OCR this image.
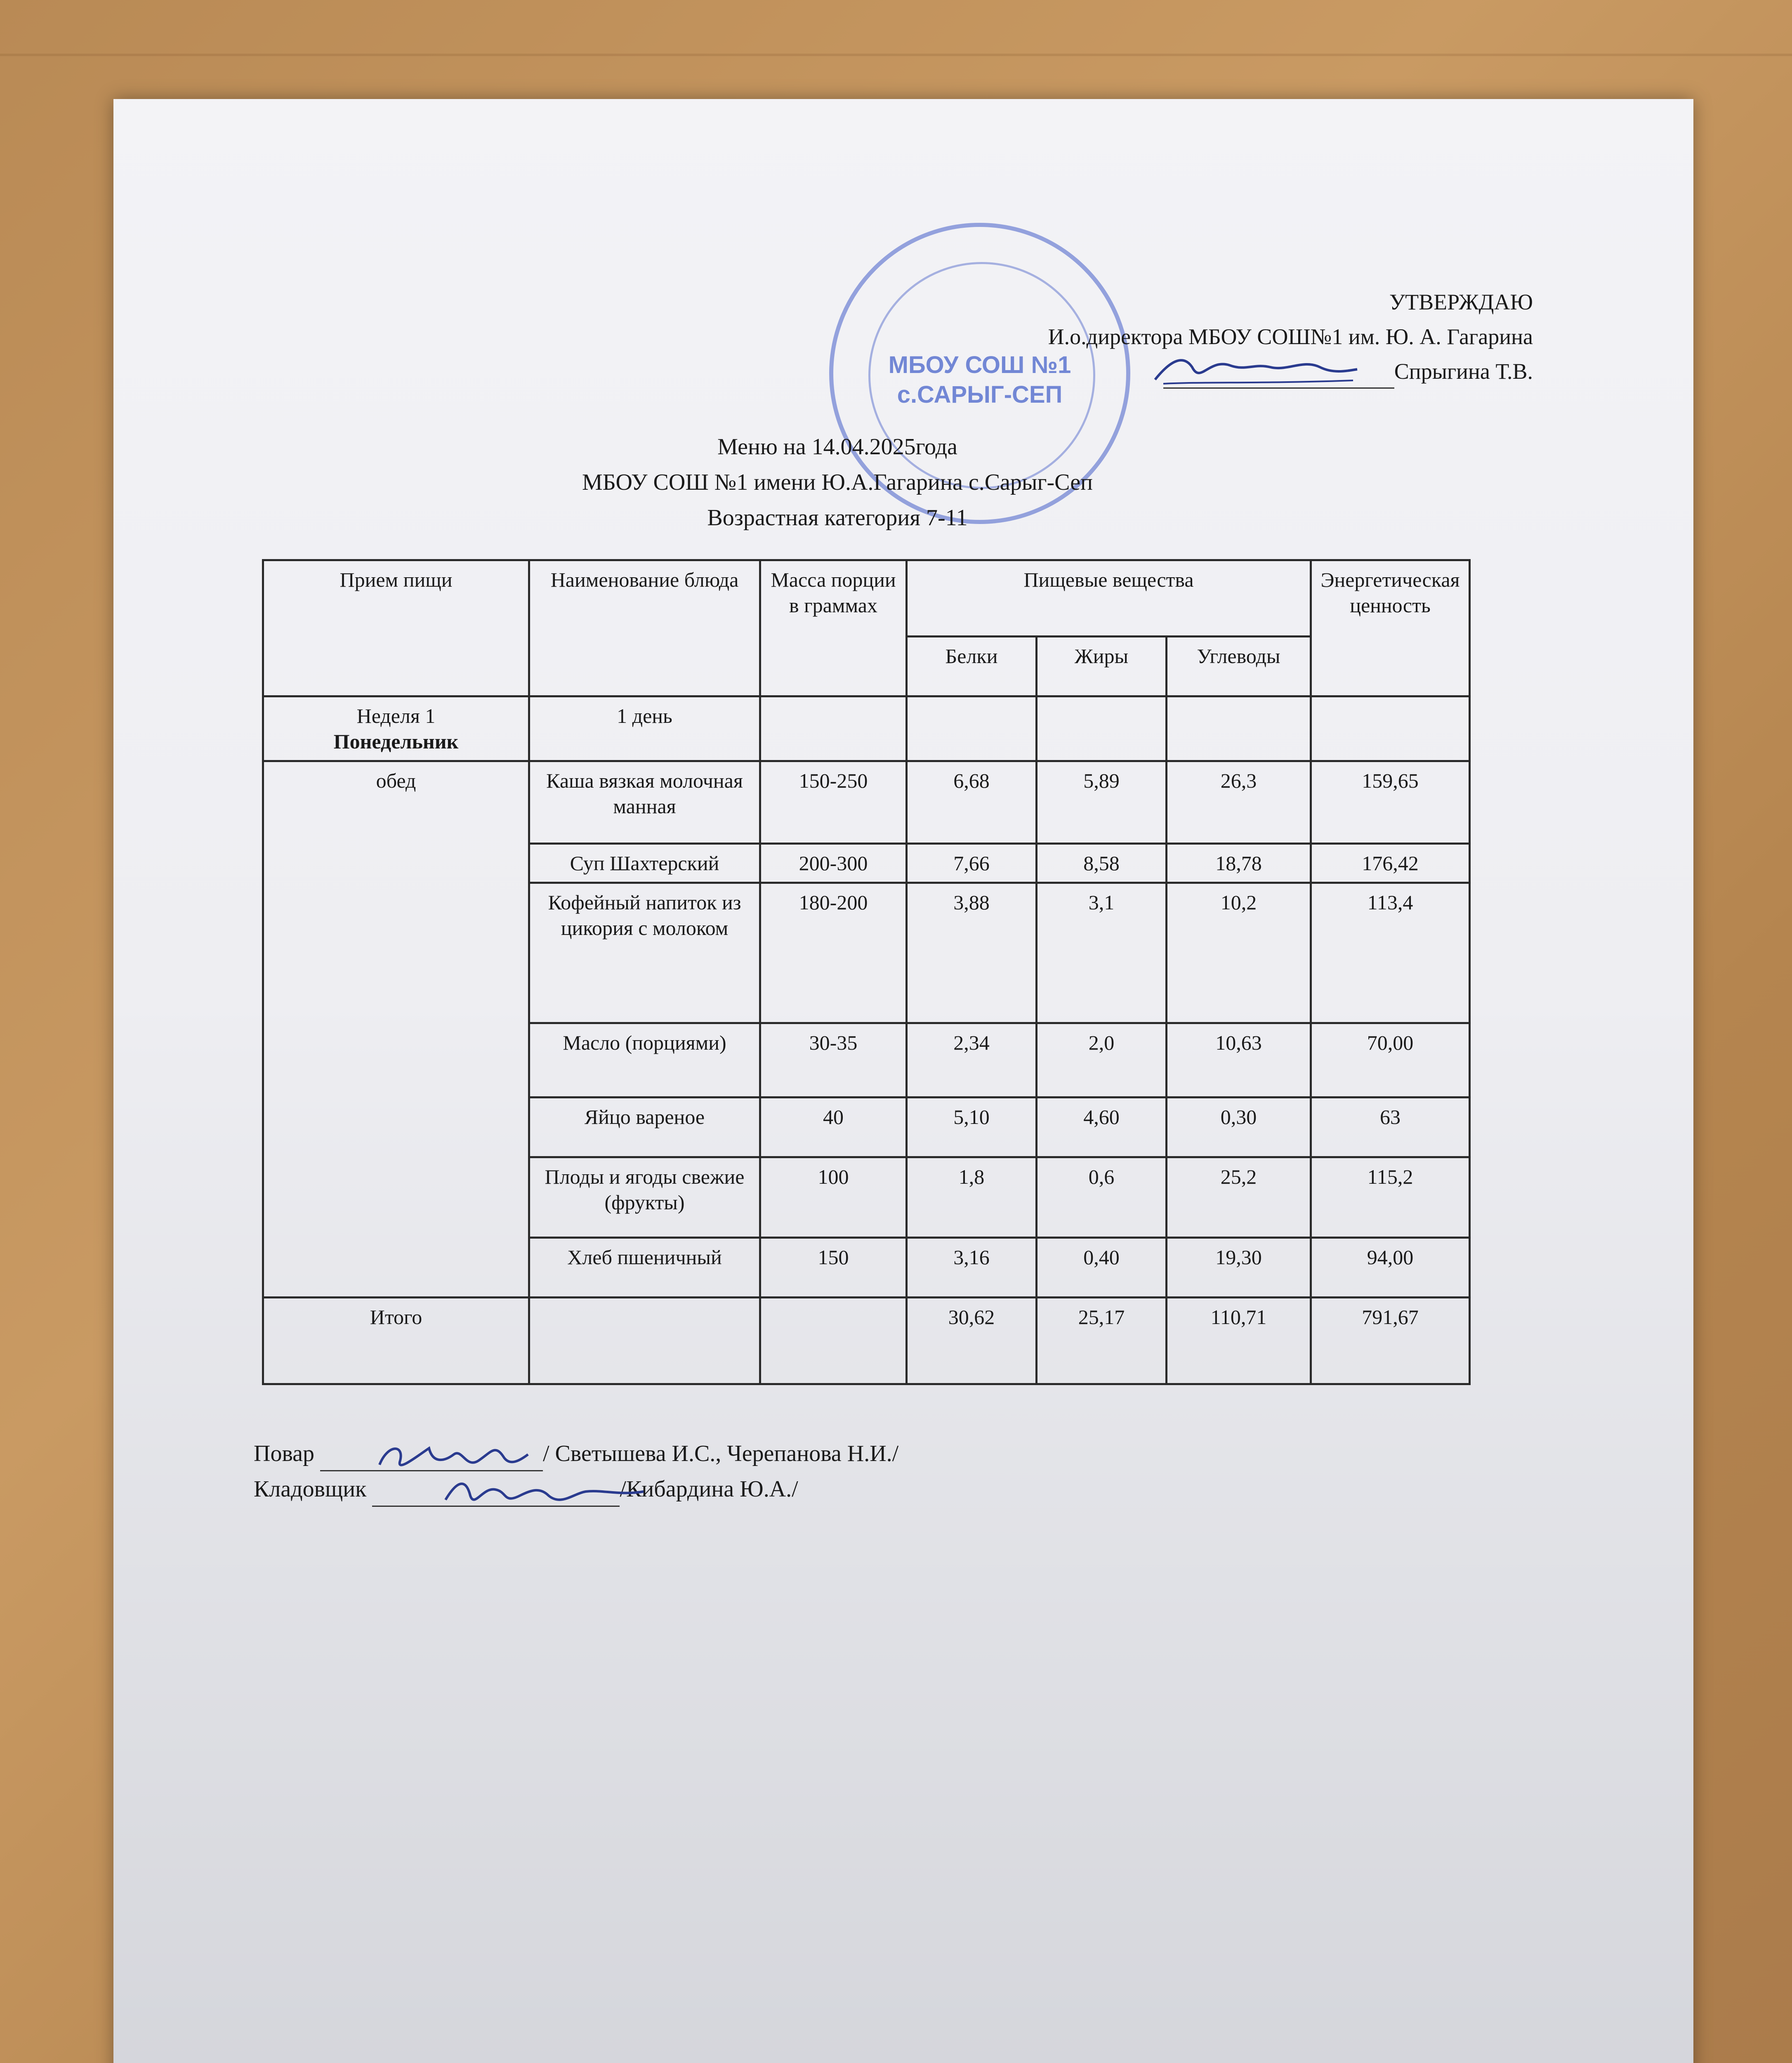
МБОУ СОШ №1
с.САРЫГ-СЕП
УТВЕРЖДАЮ
И.о.директора МБОУ СОШ№1 им. Ю. А. Гагарина
Спрыгина Т.В.
Меню на 14.04.2025года
МБОУ СОШ №1 имени Ю.А.Гагарина с.Сарыг-Сеп
Возрастная категория 7-11
Прием пищи	Наименование блюда	Масса порции в граммах	Пищевые вещества			Энергетическая ценность
			Белки	Жиры	Углеводы	
Неделя 1
Понедельник	1 день					
обед	Каша вязкая молочная манная	150-250	6,68	5,89	26,3	159,65
	Суп Шахтерский	200-300	7,66	8,58	18,78	176,42
	Кофейный напиток из цикория с молоком	180-200	3,88	3,1	10,2	113,4
	Масло (порциями)	30-35	2,34	2,0	10,63	70,00
	Яйцо вареное	40	5,10	4,60	0,30	63
	Плоды и ягоды свежие (фрукты)	100	1,8	0,6	25,2	115,2
	Хлеб пшеничный	150	3,16	0,40	19,30	94,00
Итого			30,62	25,17	110,71	791,67
Повар	/ Светышева И.С., Черепанова Н.И./
Кладовщик	/Кибардина Ю.А./
